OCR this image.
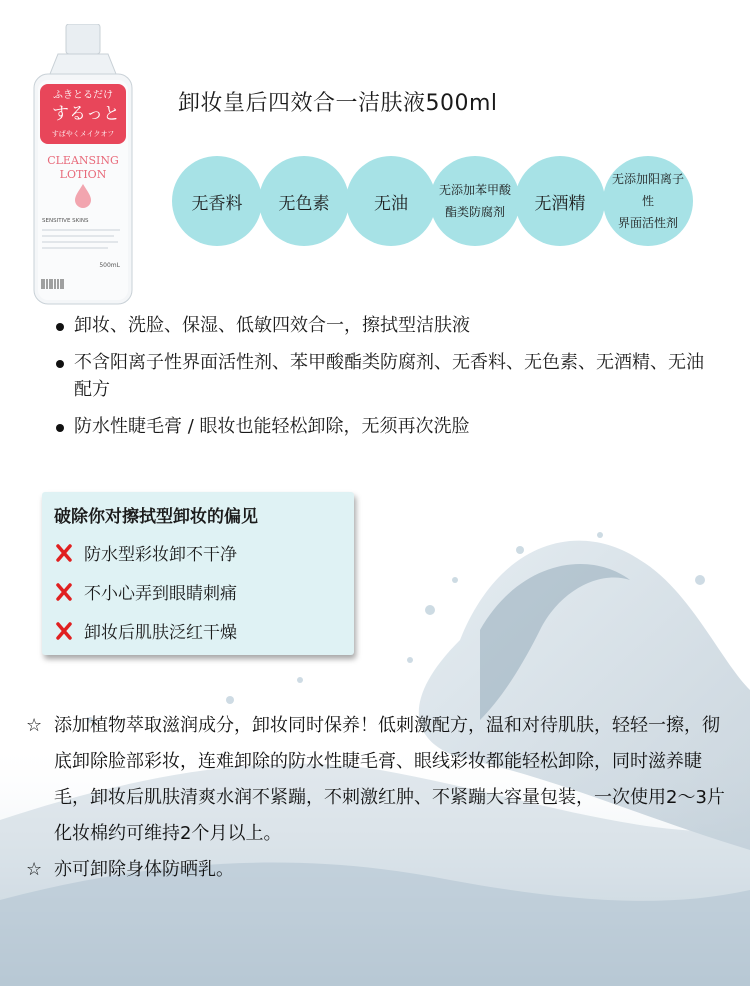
ふきとるだけ
するっと
すばやくメイクオフ
CLEANSING
LOTION
SENSITIVE SKINS
500mL
卸妆皇后四效合一洁肤液500ml
无香料 无色素	无油
无添加苯甲酸
酯类防腐剂	无酒精
无添加阳离子性
界面活性剂
卸妆、洗脸、保湿、低敏四效合一，擦拭型洁肤液
不含阳离子性界面活性剂、苯甲酸酯类防腐剂、无香料、无色素、无酒精、无油配方
防水性睫毛膏 / 眼妆也能轻松卸除，无须再次洗脸
破除你对擦拭型卸妆的偏见
防水型彩妆卸不干净
不小心弄到眼睛刺痛
卸妆后肌肤泛红干燥
☆ 添加植物萃取滋润成分，卸妆同时保养！低刺激配方，温和对待肌肤，轻轻一擦，彻底卸除脸部彩妆，连难卸除的防水性睫毛膏、眼线彩妆都能轻松卸除，同时滋养睫毛，卸妆后肌肤清爽水润不紧蹦，不刺激红肿、不紧蹦大容量包装，一次使用2～3片化妆棉约可维持2个月以上。
☆ 亦可卸除身体防晒乳。
